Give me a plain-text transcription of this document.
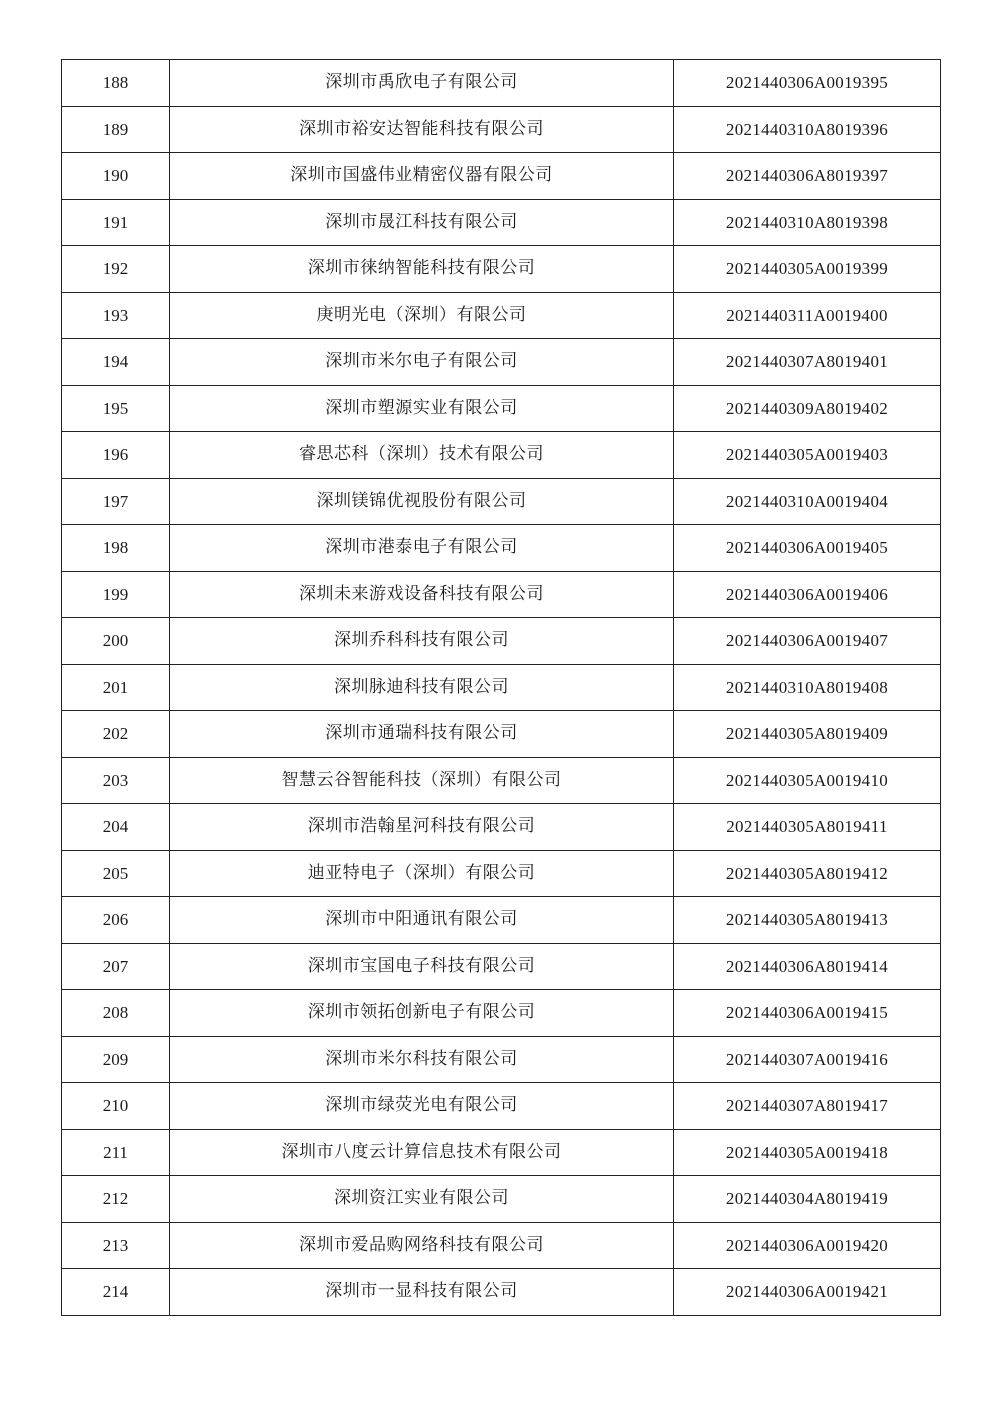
188	深圳市禹欣电子有限公司	2021440306A0019395
189	深圳市裕安达智能科技有限公司	2021440310A8019396
190	深圳市国盛伟业精密仪器有限公司	2021440306A8019397
191	深圳市晟江科技有限公司	2021440310A8019398
192	深圳市徕纳智能科技有限公司	2021440305A0019399
193	庚明光电（深圳）有限公司	2021440311A0019400
194	深圳市米尔电子有限公司	2021440307A8019401
195	深圳市塑源实业有限公司	2021440309A8019402
196	睿思芯科（深圳）技术有限公司	2021440305A0019403
197	深圳镁锦优视股份有限公司	2021440310A0019404
198	深圳市港泰电子有限公司	2021440306A0019405
199	深圳未来游戏设备科技有限公司	2021440306A0019406
200	深圳乔科科技有限公司	2021440306A0019407
201	深圳脉迪科技有限公司	2021440310A8019408
202	深圳市通瑞科技有限公司	2021440305A8019409
203	智慧云谷智能科技（深圳）有限公司	2021440305A0019410
204	深圳市浩翰星河科技有限公司	2021440305A8019411
205	迪亚特电子（深圳）有限公司	2021440305A8019412
206	深圳市中阳通讯有限公司	2021440305A8019413
207	深圳市宝国电子科技有限公司	2021440306A8019414
208	深圳市领拓创新电子有限公司	2021440306A0019415
209	深圳市米尔科技有限公司	2021440307A0019416
210	深圳市绿荧光电有限公司	2021440307A8019417
211	深圳市八度云计算信息技术有限公司	2021440305A0019418
212	深圳资江实业有限公司	2021440304A8019419
213	深圳市爱品购网络科技有限公司	2021440306A0019420
214	深圳市一显科技有限公司	2021440306A0019421
